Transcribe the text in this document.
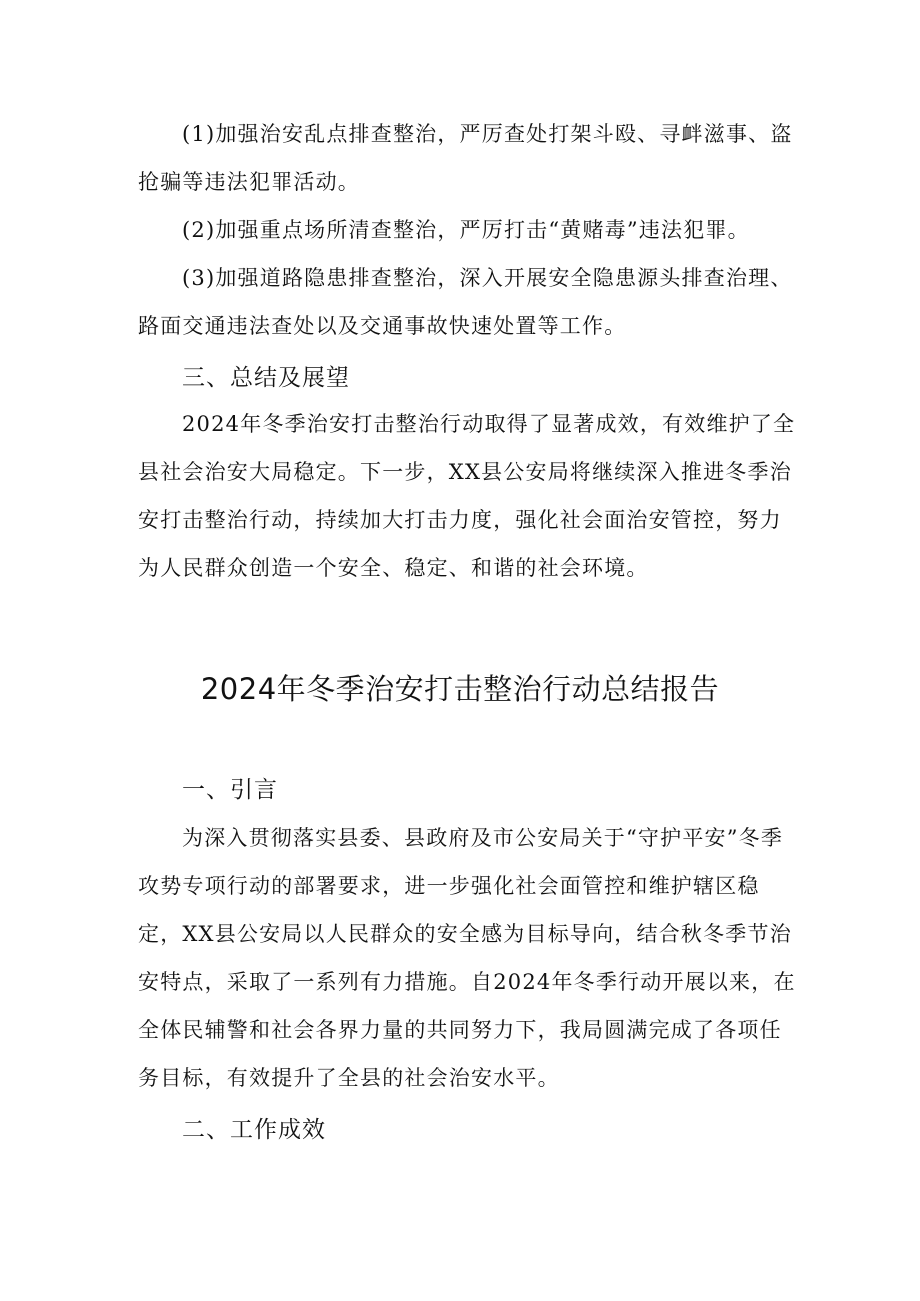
(1)加强治安乱点排查整治，严厉查处打架斗殴、寻衅滋事、盗抢骗等违法犯罪活动。

(2)加强重点场所清查整治，严厉打击“黄赌毒”违法犯罪。

(3)加强道路隐患排查整治，深入开展安全隐患源头排查治理、路面交通违法查处以及交通事故快速处置等工作。

三、总结及展望

2024年冬季治安打击整治行动取得了显著成效，有效维护了全县社会治安大局稳定。下一步，XX县公安局将继续深入推进冬季治安打击整治行动，持续加大打击力度，强化社会面治安管控，努力为人民群众创造一个安全、稳定、和谐的社会环境。

2024年冬季治安打击整治行动总结报告
一、引言

为深入贯彻落实县委、县政府及市公安局关于“守护平安”冬季攻势专项行动的部署要求，进一步强化社会面管控和维护辖区稳定，XX县公安局以人民群众的安全感为目标导向，结合秋冬季节治安特点，采取了一系列有力措施。自2024年冬季行动开展以来，在全体民辅警和社会各界力量的共同努力下，我局圆满完成了各项任务目标，有效提升了全县的社会治安水平。

二、工作成效
